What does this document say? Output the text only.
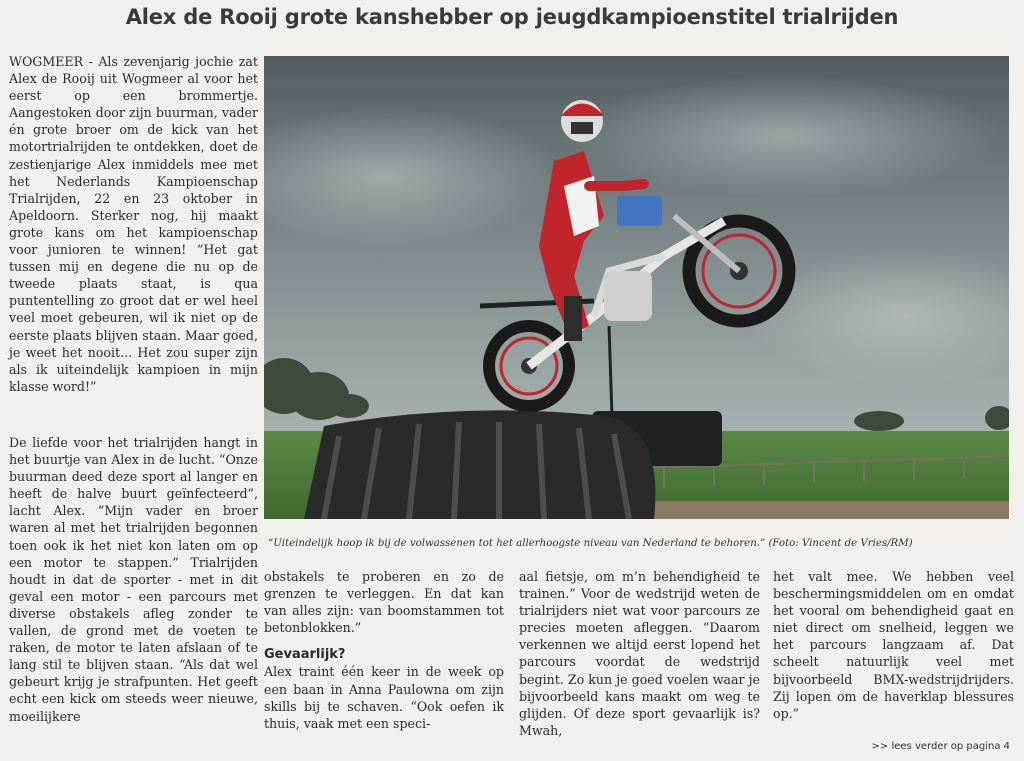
Alex de Rooij grote kanshebber op jeugdkampioenstitel trialrijden

WOGMEER - Als zevenjarig jochie zat Alex de Rooij uit Wogmeer al voor het eerst op een brommertje. Aangestoken door zijn buurman, vader én grote broer om de kick van het motortrialrijden te ontdekken, doet de zestienjarige Alex inmiddels mee met het Nederlands Kampioenschap Trialrijden, 22 en 23 oktober in Apeldoorn. Sterker nog, hij maakt grote kans om het kampioenschap voor junioren te winnen! “Het gat tussen mij en degene die nu op de tweede plaats staat, is qua puntentelling zo groot dat er wel heel veel moet gebeuren, wil ik niet op de eerste plaats blijven staan. Maar goed, je weet het nooit... Het zou super zijn als ik uiteindelijk kampioen in mijn klasse word!”

De liefde voor het trialrijden hangt in het buurtje van Alex in de lucht. “Onze buurman deed deze sport al langer en heeft de halve buurt geïnfecteerd”, lacht Alex. “Mijn vader en broer waren al met het trialrijden begonnen toen ook ik het niet kon laten om op een motor te stappen.” Trialrijden houdt in dat de sporter - met in dit geval een motor - een parcours met diverse obstakels afleg zonder te vallen, de grond met de voeten te raken, de motor te laten afslaan of te lang stil te blijven staan. “Als dat wel gebeurt krijg je strafpunten. Het geeft echt een kick om steeds weer nieuwe, moeilijkere

“Uiteindelijk hoop ik bij de volwassenen tot het allerhoogste niveau van Nederland te behoren.” (Foto: Vincent de Vries/RM)

obstakels te proberen en zo de grenzen te verleggen. En dat kan van alles zijn: van boomstammen tot betonblokken.”

Gevaarlijk?

Alex traint één keer in de week op een baan in Anna Paulowna om zijn skills bij te schaven. “Ook oefen ik thuis, vaak met een speci-

aal fietsje, om m’n behendigheid te trainen.” Voor de wedstrijd weten de trialrijders niet wat voor parcours ze precies moeten afleggen. “Daarom verkennen we altijd eerst lopend het parcours voordat de wedstrijd begint. Zo kun je goed voelen waar je bijvoorbeeld kans maakt om weg te glijden. Of deze sport gevaarlijk is? Mwah,

het valt mee. We hebben veel beschermingsmiddelen om en omdat het vooral om behendigheid gaat en niet direct om snelheid, leggen we het parcours langzaam af. Dat scheelt natuurlijk veel met bijvoorbeeld BMX-wedstrijdrijders. Zij lopen om de haverklap blessures op.”

>> lees verder op pagina 4
